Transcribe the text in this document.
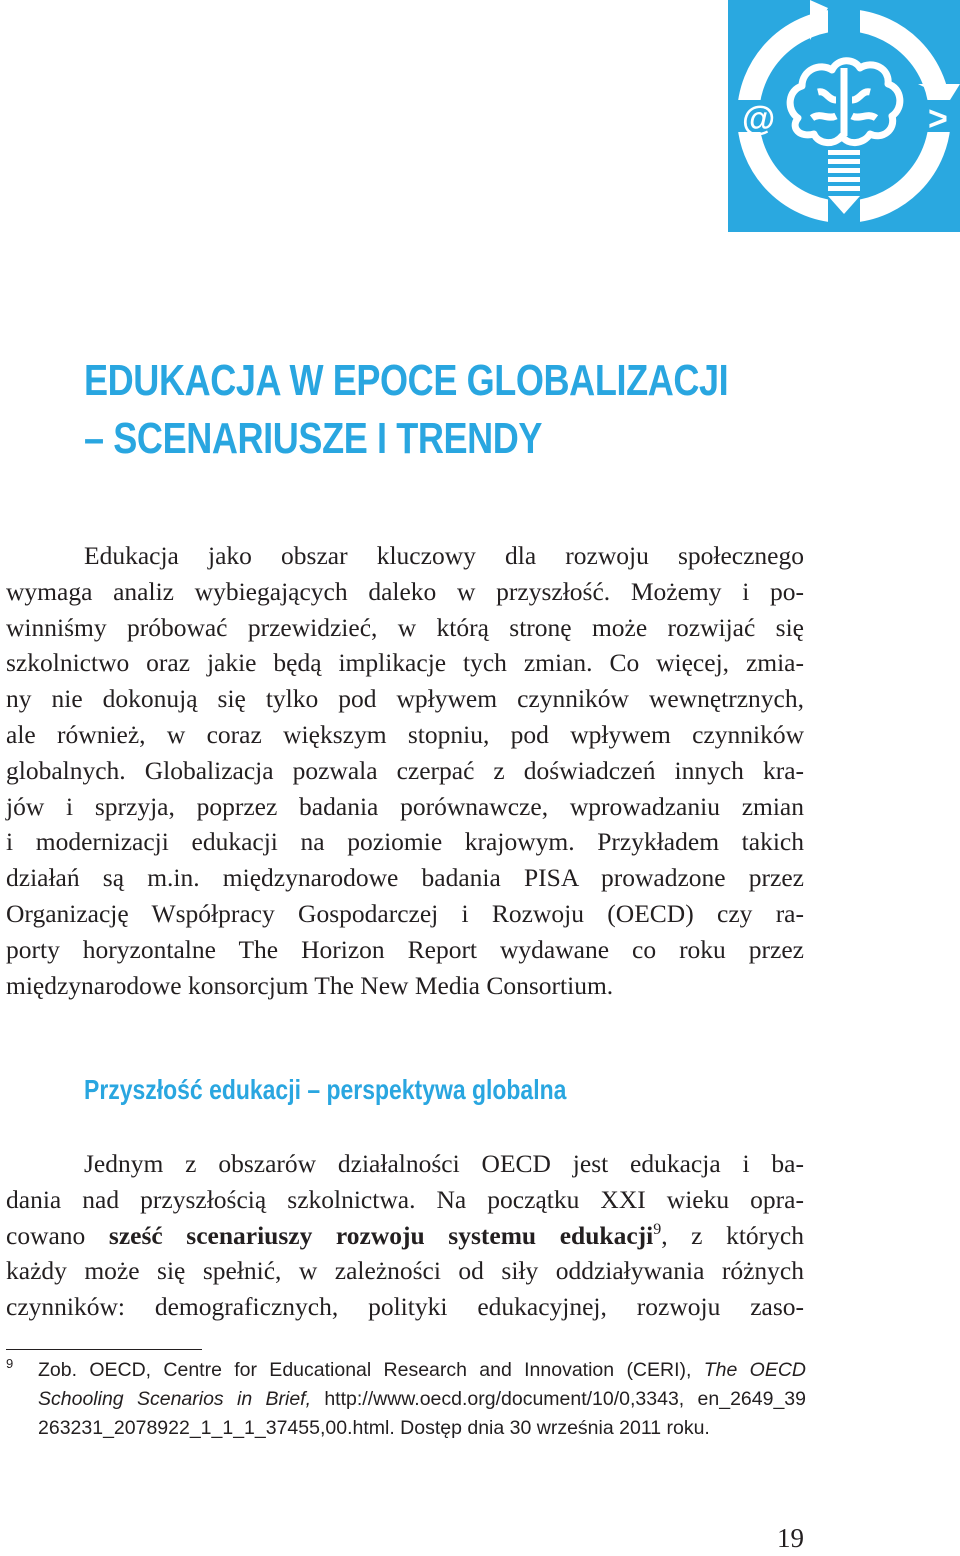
@	>
EDUKACJA W EPOCE GLOBALIZACJI
– SCENARIUSZE I TRENDY
Edukacja jako obszar kluczowy dla rozwoju społecznego
wymaga analiz wybiegających daleko w przyszłość. Możemy i po-
winniśmy próbować przewidzieć, w którą stronę może rozwijać się
szkolnictwo oraz jakie będą implikacje tych zmian. Co więcej, zmia-
ny nie dokonują się tylko pod wpływem czynników wewnętrznych,
ale również, w coraz większym stopniu, pod wpływem czynników
globalnych. Globalizacja pozwala czerpać z doświadczeń innych kra-
jów i sprzyja, poprzez badania porównawcze, wprowadzaniu zmian
i modernizacji edukacji na poziomie krajowym. Przykładem takich
działań są m.in. międzynarodowe badania PISA prowadzone przez
Organizację Współpracy Gospodarczej i Rozwoju (OECD) czy ra-
porty horyzontalne The Horizon Report wydawane co roku przez
międzynarodowe konsorcjum The New Media Consortium.
Przyszłość edukacji – perspektywa globalna
Jednym z obszarów działalności OECD jest edukacja i ba-
dania nad przyszłością szkolnictwa. Na początku XXI wieku opra-
cowano sześć scenariuszy rozwoju systemu edukacji$^9$, z których
każdy może się spełnić, w zależności od siły oddziaływania różnych
czynników: demograficznych, polityki edukacyjnej, rozwoju zaso-
9 Zob. OECD, Centre for Educational Research and Innovation (CERI), The OECD
Schooling Scenarios in Brief, http://www.oecd.org/document/10/0,3343, en_2649_39
263231_2078922_1_1_1_37455,00.html. Dostęp dnia 30 września 2011 roku.
19
